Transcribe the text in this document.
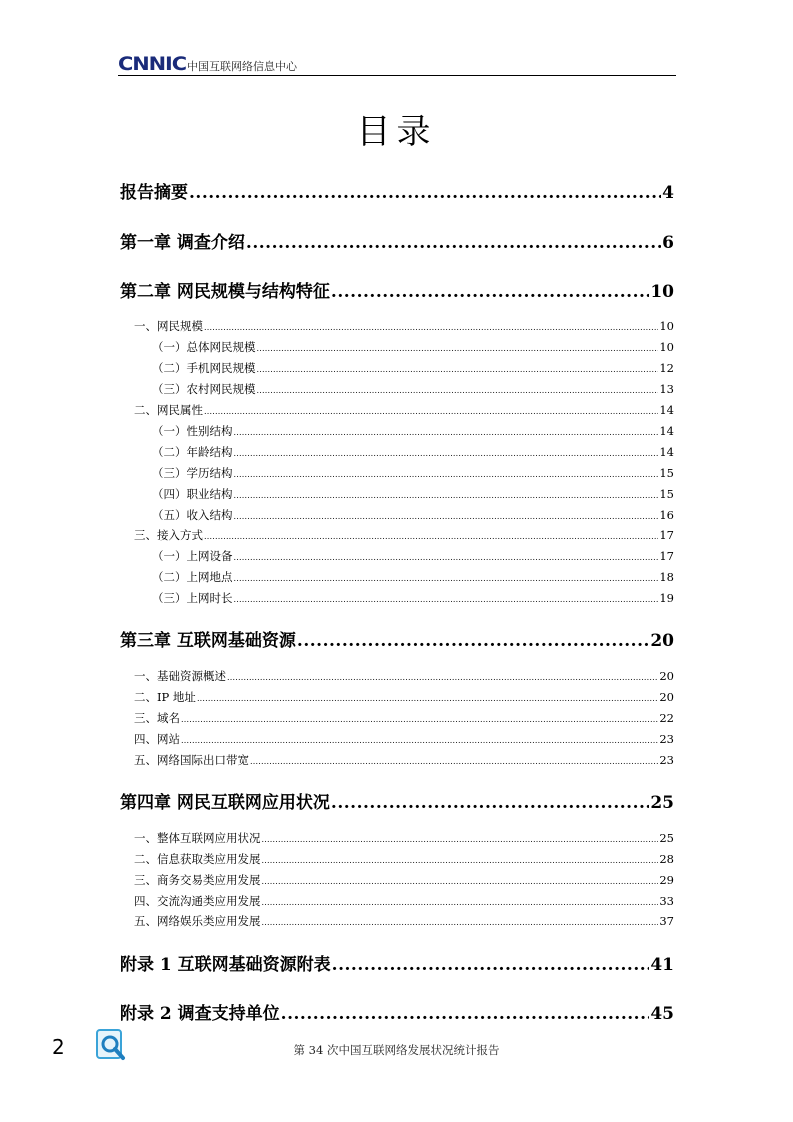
CNNIC 中国互联网络信息中心
目录
报告摘要 .....	4
第一章 调查介绍 .....	6
第二章 网民规模与结构特征 .....	10
一、网民规模 .....	10
（一）总体网民规模 .....	10
（二）手机网民规模 .....	12
（三）农村网民规模 .....	13
二、网民属性 .....	14
（一）性别结构 .....	14
（二）年龄结构 .....	14
（三）学历结构 .....	15
（四）职业结构 .....	15
（五）收入结构 .....	16
三、接入方式 .....	17
（一）上网设备 .....	17
（二）上网地点 .....	18
（三）上网时长 .....	19
第三章 互联网基础资源 .....	20
一、基础资源概述 .....	20
二、IP 地址 .....	20
三、域名 .....	22
四、网站 .....	23
五、网络国际出口带宽 .....	23
第四章 网民互联网应用状况 .....	25
一、整体互联网应用状况 .....	25
二、信息获取类应用发展 .....	28
三、商务交易类应用发展 .....	29
四、交流沟通类应用发展 .....	33
五、网络娱乐类应用发展 .....	37
附录 1 互联网基础资源附表 .....	41
附录 2 调查支持单位 .....	45
2	第 34 次中国互联网络发展状况统计报告
